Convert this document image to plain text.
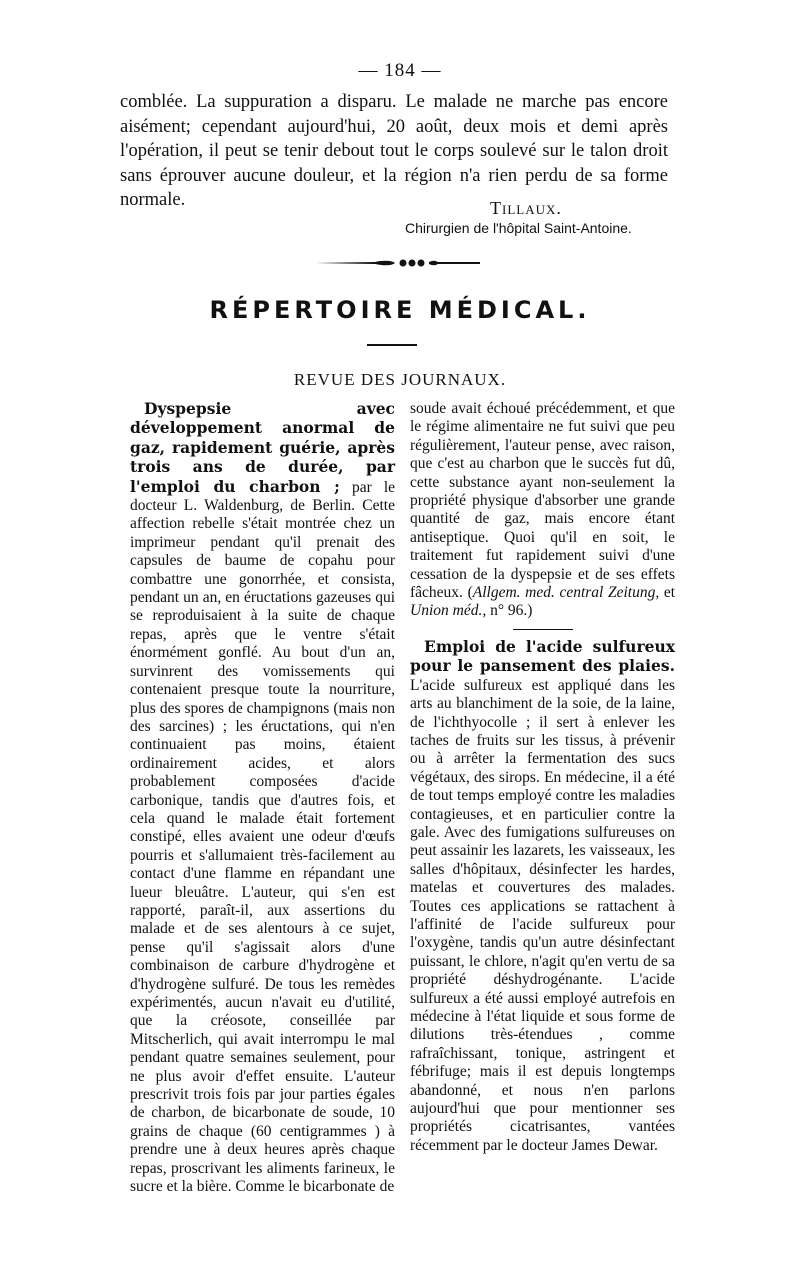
— 184 —

comblée. La suppuration a disparu. Le malade ne marche pas encore aisément; cependant aujourd'hui, 20 août, deux mois et demi après l'opération, il peut se tenir debout tout le corps soulevé sur le talon droit sans éprouver aucune douleur, et la région n'a rien perdu de sa forme normale.	Tillaux.
Chirurgien de l'hôpital Saint-Antoine.
RÉPERTOIRE MÉDICAL.
REVUE DES JOURNAUX.

Dyspepsie avec développement anormal de gaz, rapidement guérie, après trois ans de durée, par l'emploi du charbon ; par le docteur L. Waldenburg, de Berlin. Cette affection rebelle s'était montrée chez un imprimeur pendant qu'il prenait des capsules de baume de copahu pour combattre une gonorrhée, et consista, pendant un an, en éructations gazeuses qui se reproduisaient à la suite de chaque repas, après que le ventre s'était énormément gonflé. Au bout d'un an, survinrent des vomissements qui contenaient presque toute la nourriture, plus des spores de champignons (mais non des sarcines) ; les éructations, qui n'en continuaient pas moins, étaient ordinairement acides, et alors probablement composées d'acide carbonique, tandis que d'autres fois, et cela quand le malade était fortement constipé, elles avaient une odeur d'œufs pourris et s'allumaient très-facilement au contact d'une flamme en répandant une lueur bleuâtre. L'auteur, qui s'en est rapporté, paraît-il, aux assertions du malade et de ses alentours à ce sujet, pense qu'il s'agissait alors d'une combinaison de carbure d'hydrogène et d'hydrogène sulfuré. De tous les remèdes expérimentés, aucun n'avait eu d'utilité, que la créosote, conseillée par Mitscherlich, qui avait interrompu le mal pendant quatre semaines seulement, pour ne plus avoir d'effet ensuite. L'auteur prescrivit trois fois par jour parties égales de charbon, de bicarbonate de soude, 10 grains de chaque (60 centigrammes ) à prendre une à deux heures après chaque repas, proscrivant les aliments farineux, le sucre et la bière. Comme le bicarbonate de

soude avait échoué précédemment, et que le régime alimentaire ne fut suivi que peu régulièrement, l'auteur pense, avec raison, que c'est au charbon que le succès fut dû, cette substance ayant non-seulement la propriété physique d'absorber une grande quantité de gaz, mais encore étant antiseptique. Quoi qu'il en soit, le traitement fut rapidement suivi d'une cessation de la dyspepsie et de ses effets fâcheux. (Allgem. med. central Zeitung, et Union méd., n° 96.)

Emploi de l'acide sulfureux pour le pansement des plaies. L'acide sulfureux est appliqué dans les arts au blanchiment de la soie, de la laine, de l'ichthyocolle ; il sert à enlever les taches de fruits sur les tissus, à prévenir ou à arrêter la fermentation des sucs végétaux, des sirops. En médecine, il a été de tout temps employé contre les maladies contagieuses, et en particulier contre la gale. Avec des fumigations sulfureuses on peut assainir les lazarets, les vaisseaux, les salles d'hôpitaux, désinfecter les hardes, matelas et couvertures des malades. Toutes ces applications se rattachent à l'affinité de l'acide sulfureux pour l'oxygène, tandis qu'un autre désinfectant puissant, le chlore, n'agit qu'en vertu de sa propriété déshydrogénante. L'acide sulfureux a été aussi employé autrefois en médecine à l'état liquide et sous forme de dilutions très-étendues , comme rafraîchissant, tonique, astringent et fébrifuge; mais il est depuis longtemps abandonné, et nous n'en parlons aujourd'hui que pour mentionner ses propriétés cicatrisantes, vantées récemment par le docteur James Dewar.
